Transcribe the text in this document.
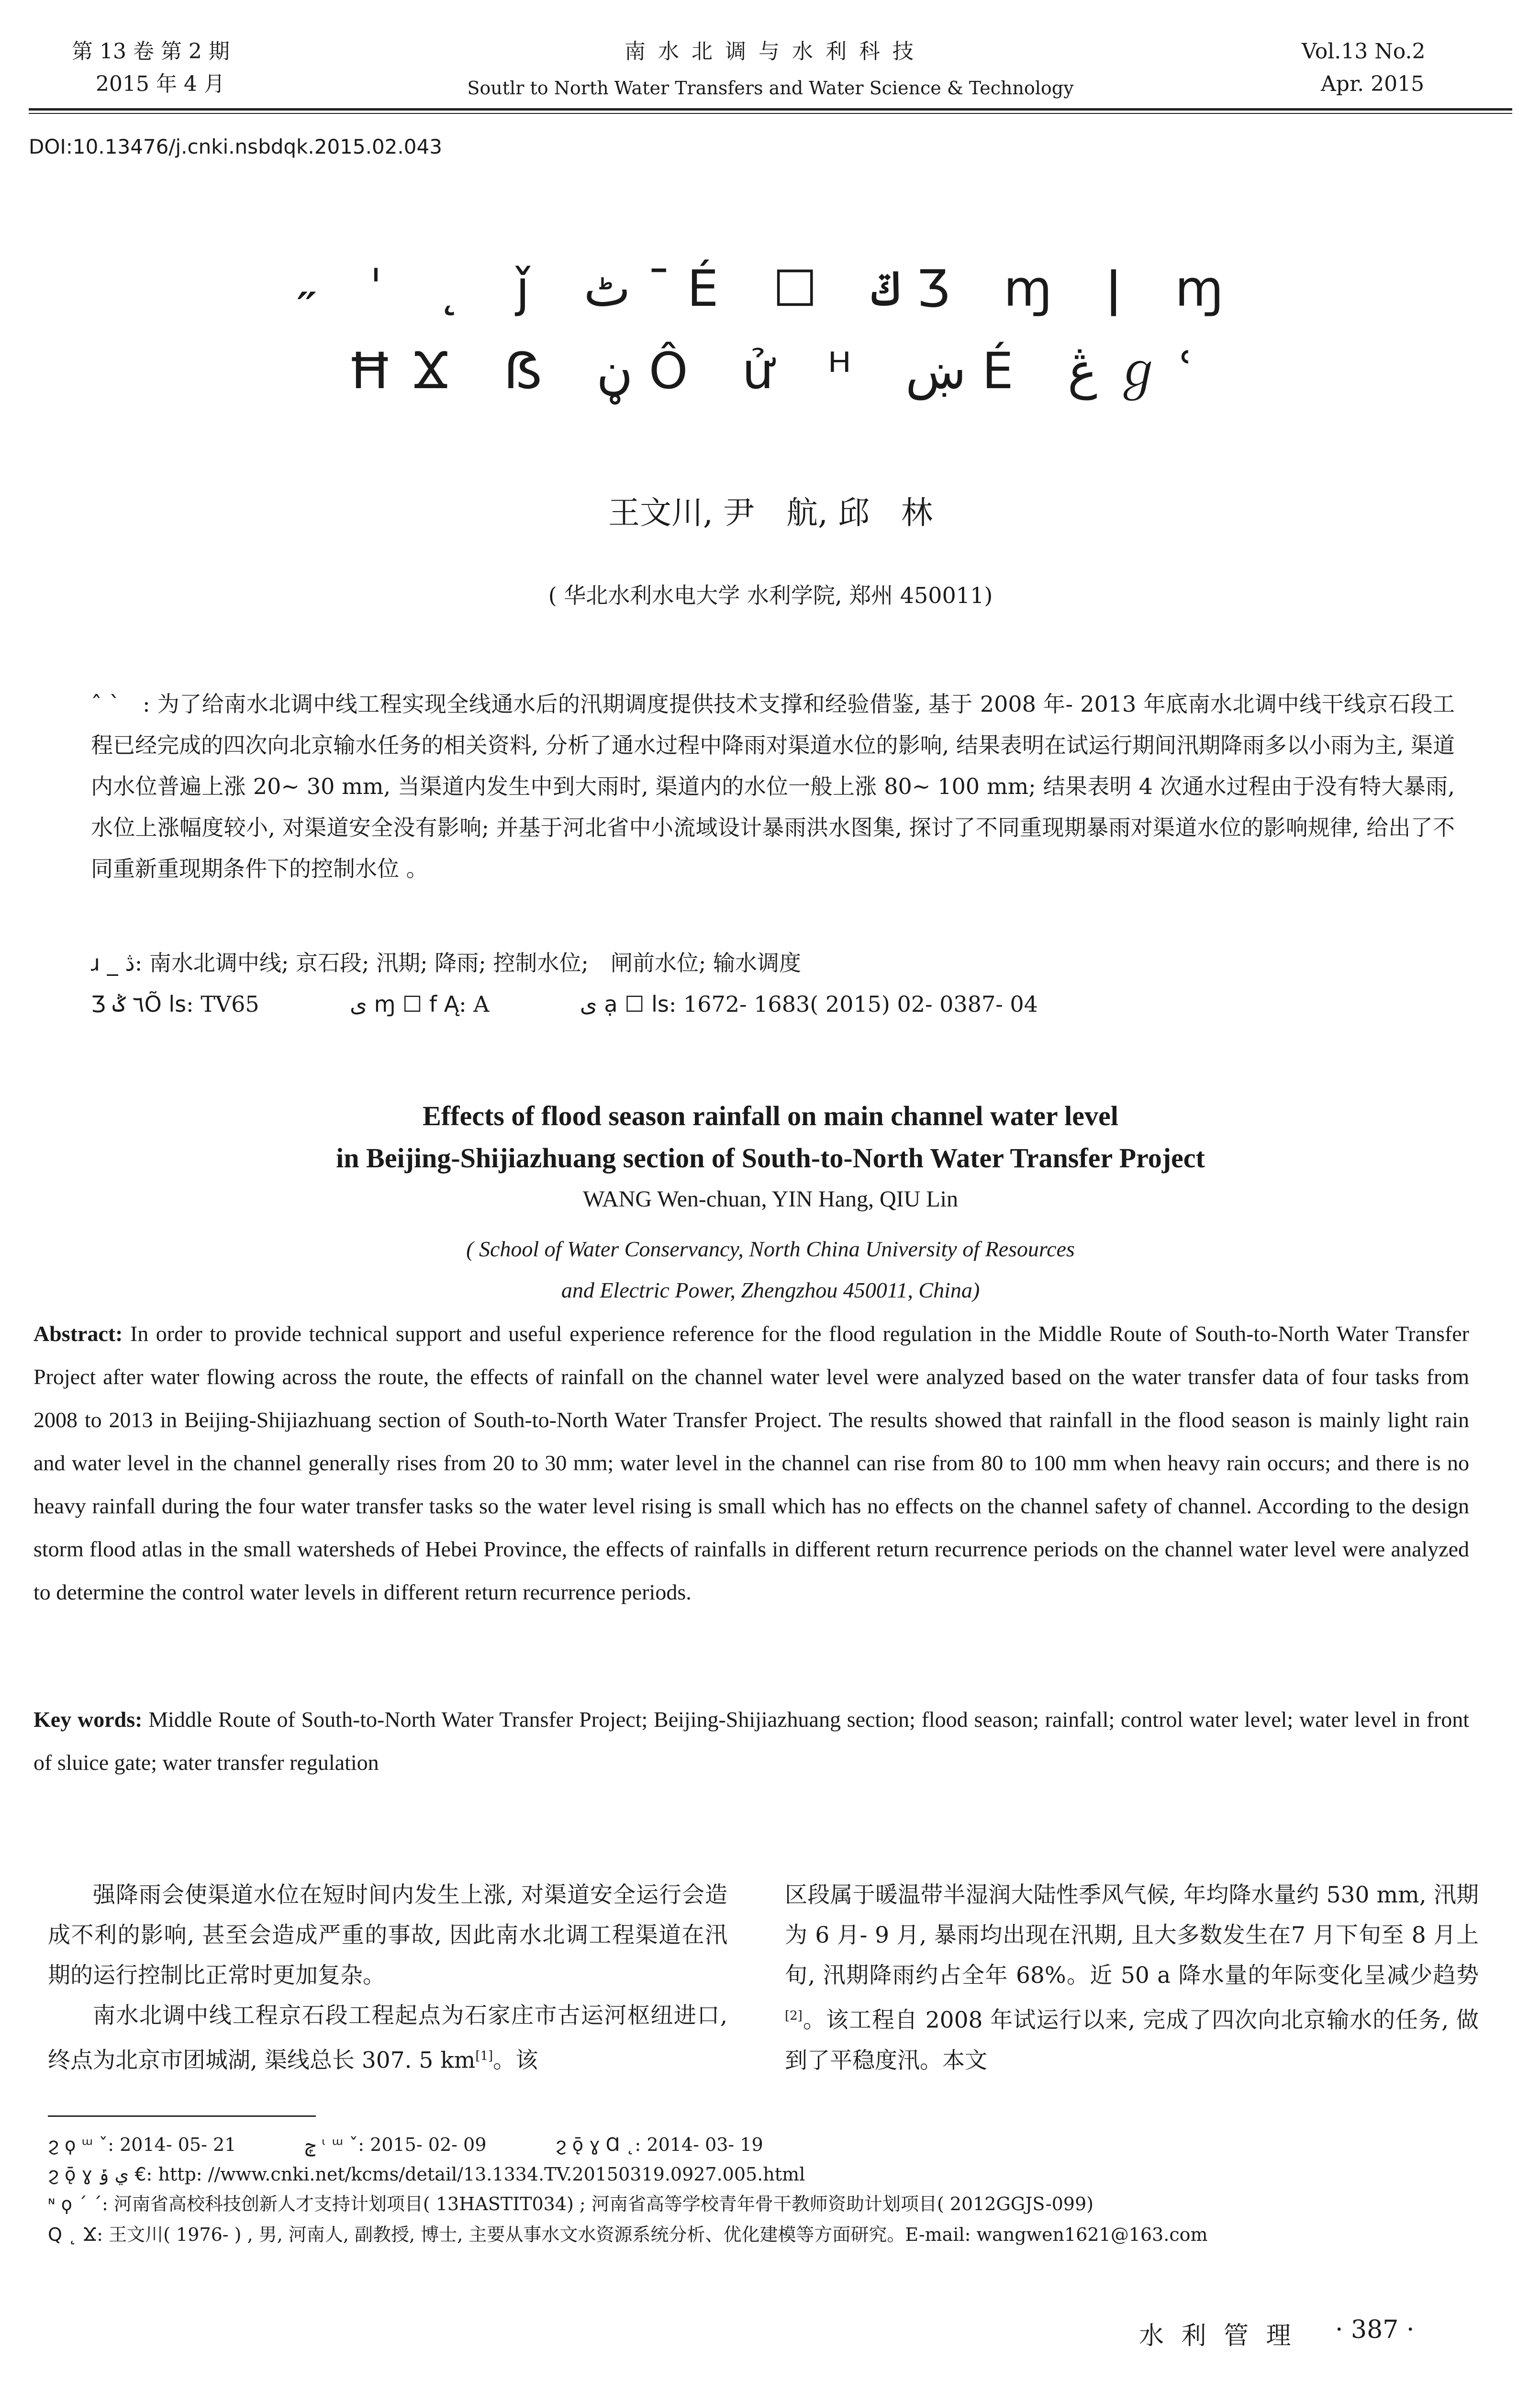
第 13 卷 第 2 期
2015 年 4 月
南 水 北 调 与 水 利 科 技
Soutlr to North Water Transfers and Water Science & Technology
Vol.13 No.2
Apr. 2015
DOI:10.13476/j.cnki.nsbdqk.2015.02.043
˶ ˈ ˛ ǰ ٹ ¯ É ☐ ݿ Ʒ ɱ ǀ ɱ
ĦϪ ẞ ڼ Ô ử ᴴ ښ É ڠ ℊ ʿ
王文川, 尹　航, 邱　林
( 华北水利水电大学 水利学院, 郑州 450011)
ˆ ˋ　: 为了给南水北调中线工程实现全线通水后的汛期调度提供技术支撑和经验借鉴, 基于 2008 年- 2013 年底南水北调中线干线京石段工程已经完成的四次向北京输水任务的相关资料, 分析了通水过程中降雨对渠道水位的影响, 结果表明在试运行期间汛期降雨多以小雨为主, 渠道内水位普遍上涨 20~ 30 mm, 当渠道内发生中到大雨时, 渠道内的水位一般上涨 80~ 100 mm; 结果表明 4 次通水过程由于没有特大暴雨, 水位上涨幅度较小, 对渠道安全没有影响; 并基于河北省中小流域设计暴雨洪水图集, 探讨了不同重现期暴雨对渠道水位的影响规律, 给出了不同重新重现期条件下的控制水位 。
ɹ _ ڎ: 南水北调中线; 京石段; 汛期; 降雨; 控制水位;　闸前水位; 输水调度
Ʒ ٦ ݣÕ ls: TV65	ى ɱ ☐ f Ą: A	ى ạ ☐ ls: 1672- 1683( 2015) 02- 0387- 04
Effects of flood season rainfall on main channel water level
in Beijing-Shijiazhuang section of South-to-North Water Transfer Project
WANG Wen-chuan, YIN Hang, QIU Lin
( School of Water Conservancy, North China University of Resources
and Electric Power, Zhengzhou 450011, China)
Abstract: In order to provide technical support and useful experience reference for the flood regulation in the Middle Route of South-to-North Water Transfer Project after water flowing across the route, the effects of rainfall on the channel water level were analyzed based on the water transfer data of four tasks from 2008 to 2013 in Beijing-Shijiazhuang section of South-to-North Water Transfer Project. The results showed that rainfall in the flood season is mainly light rain and water level in the channel generally rises from 20 to 30 mm; water level in the channel can rise from 80 to 100 mm when heavy rain occurs; and there is no heavy rainfall during the four water transfer tasks so the water level rising is small which has no effects on the channel safety of channel. According to the design storm flood atlas in the small watersheds of Hebei Province, the effects of rainfalls in different return recurrence periods on the channel water level were analyzed to determine the control water levels in different return recurrence periods.
Key words: Middle Route of South-to-North Water Transfer Project; Beijing-Shijiazhuang section; flood season; rainfall; control water level; water level in front of sluice gate; water transfer regulation

强降雨会使渠道水位在短时间内发生上涨, 对渠道安全运行会造成不利的影响, 甚至会造成严重的事故, 因此南水北调工程渠道在汛期的运行控制比正常时更加复杂。

南水北调中线工程京石段工程起点为石家庄市古运河枢纽进口, 终点为北京市团城湖, 渠线总长 307. 5 km[1]。该

区段属于暖温带半湿润大陆性季风气候, 年均降水量约 530 mm, 汛期为 6 月- 9 月, 暴雨均出现在汛期, 且大多数发生在7 月下旬至 8 月上旬, 汛期降雨约占全年 68%。近 50 a 降水量的年际变化呈减少趋势[2]。该工程自 2008 年试运行以来, 完成了四次向北京输水的任务, 做到了平稳度汛。本文
ϩ ϙ ᵚ ˇ: 2014- 05- 21	ݼ ᶥ ᵚ ˇ: 2015- 02- 09	ϩ ǭ ɣ Ɑ ˛: 2014- 03- 19
ϩ ǭ ɣ ي ݹ €: http: //www.cnki.net/kcms/detail/13.1334.TV.20150319.0927.005.html
ᶰ ϙ ˊ ˊ: 河南省高校科技创新人才支持计划项目( 13HASTIT034) ; 河南省高等学校青年骨干教师资助计划项目( 2012GGJS-099)
Q ˛ Ϫ: 王文川( 1976- ) , 男, 河南人, 副教授, 博士, 主要从事水文水资源系统分析、优化建模等方面研究。E-mail: wangwen1621@163.com
水 利 管 理 · 387 ·
